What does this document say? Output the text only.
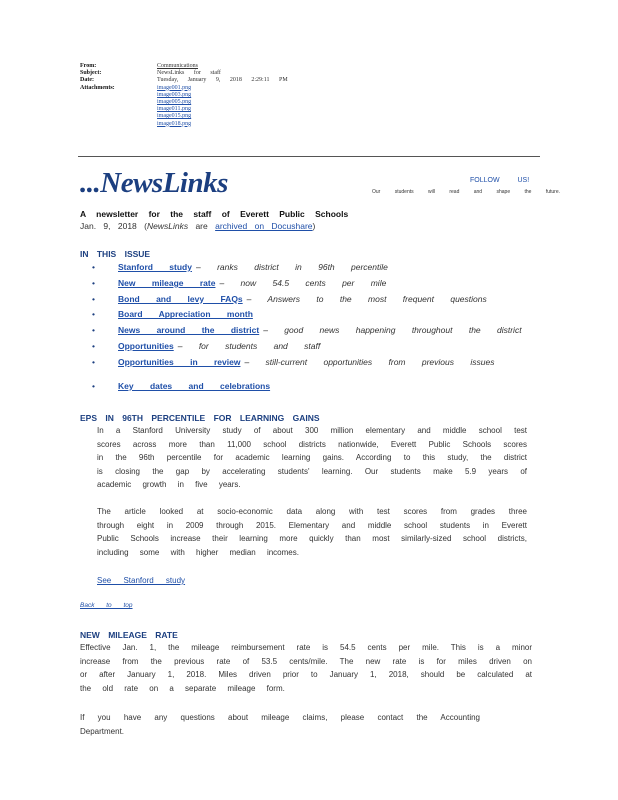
From:	Communications
Subject:	NewsLinks for staff
Date:	Tuesday, January 9, 2018 2:29:11 PM
Attachments:	image001.png
image003.png
image005.png
image011.png
image015.png
image018.png
...NewsLinks	FOLLOW US!
Our students will read and shape the future.
A newsletter for the staff of Everett Public Schools
Jan. 9, 2018 (NewsLinks are archived on Docushare)
IN THIS ISSUE
•	Stanford study – ranks district in 96th percentile
•	New mileage rate – now 54.5 cents per mile
•	Bond and levy FAQs – Answers to the most frequent questions
•	Board Appreciation month
•	News around the district – good news happening throughout the district
•	Opportunities – for students and staff
•	Opportunities in review – still-current opportunities from previous issues
•	Key dates and celebrations
EPS IN 96TH PERCENTILE FOR LEARNING GAINS
In a Stanford University study of about 300 million elementary and middle school test scores across more than 11,000 school districts nationwide, Everett Public Schools scores in the 96th percentile for academic learning gains. According to this study, the district is closing the gap by accelerating students' learning. Our students make 5.9 years of academic growth in five years.
The article looked at socio-economic data along with test scores from grades three through eight in 2009 through 2015. Elementary and middle school students in Everett Public Schools increase their learning more quickly than most similarly-sized school districts, including some with higher median incomes.
See Stanford study
Back to top
NEW MILEAGE RATE
Effective Jan. 1, the mileage reimbursement rate is 54.5 cents per mile. This is a minor increase from the previous rate of 53.5 cents/mile. The new rate is for miles driven on or after January 1, 2018. Miles driven prior to January 1, 2018, should be calculated at the old rate on a separate mileage form.
If you have any questions about mileage claims, please contact the Accounting Department.
